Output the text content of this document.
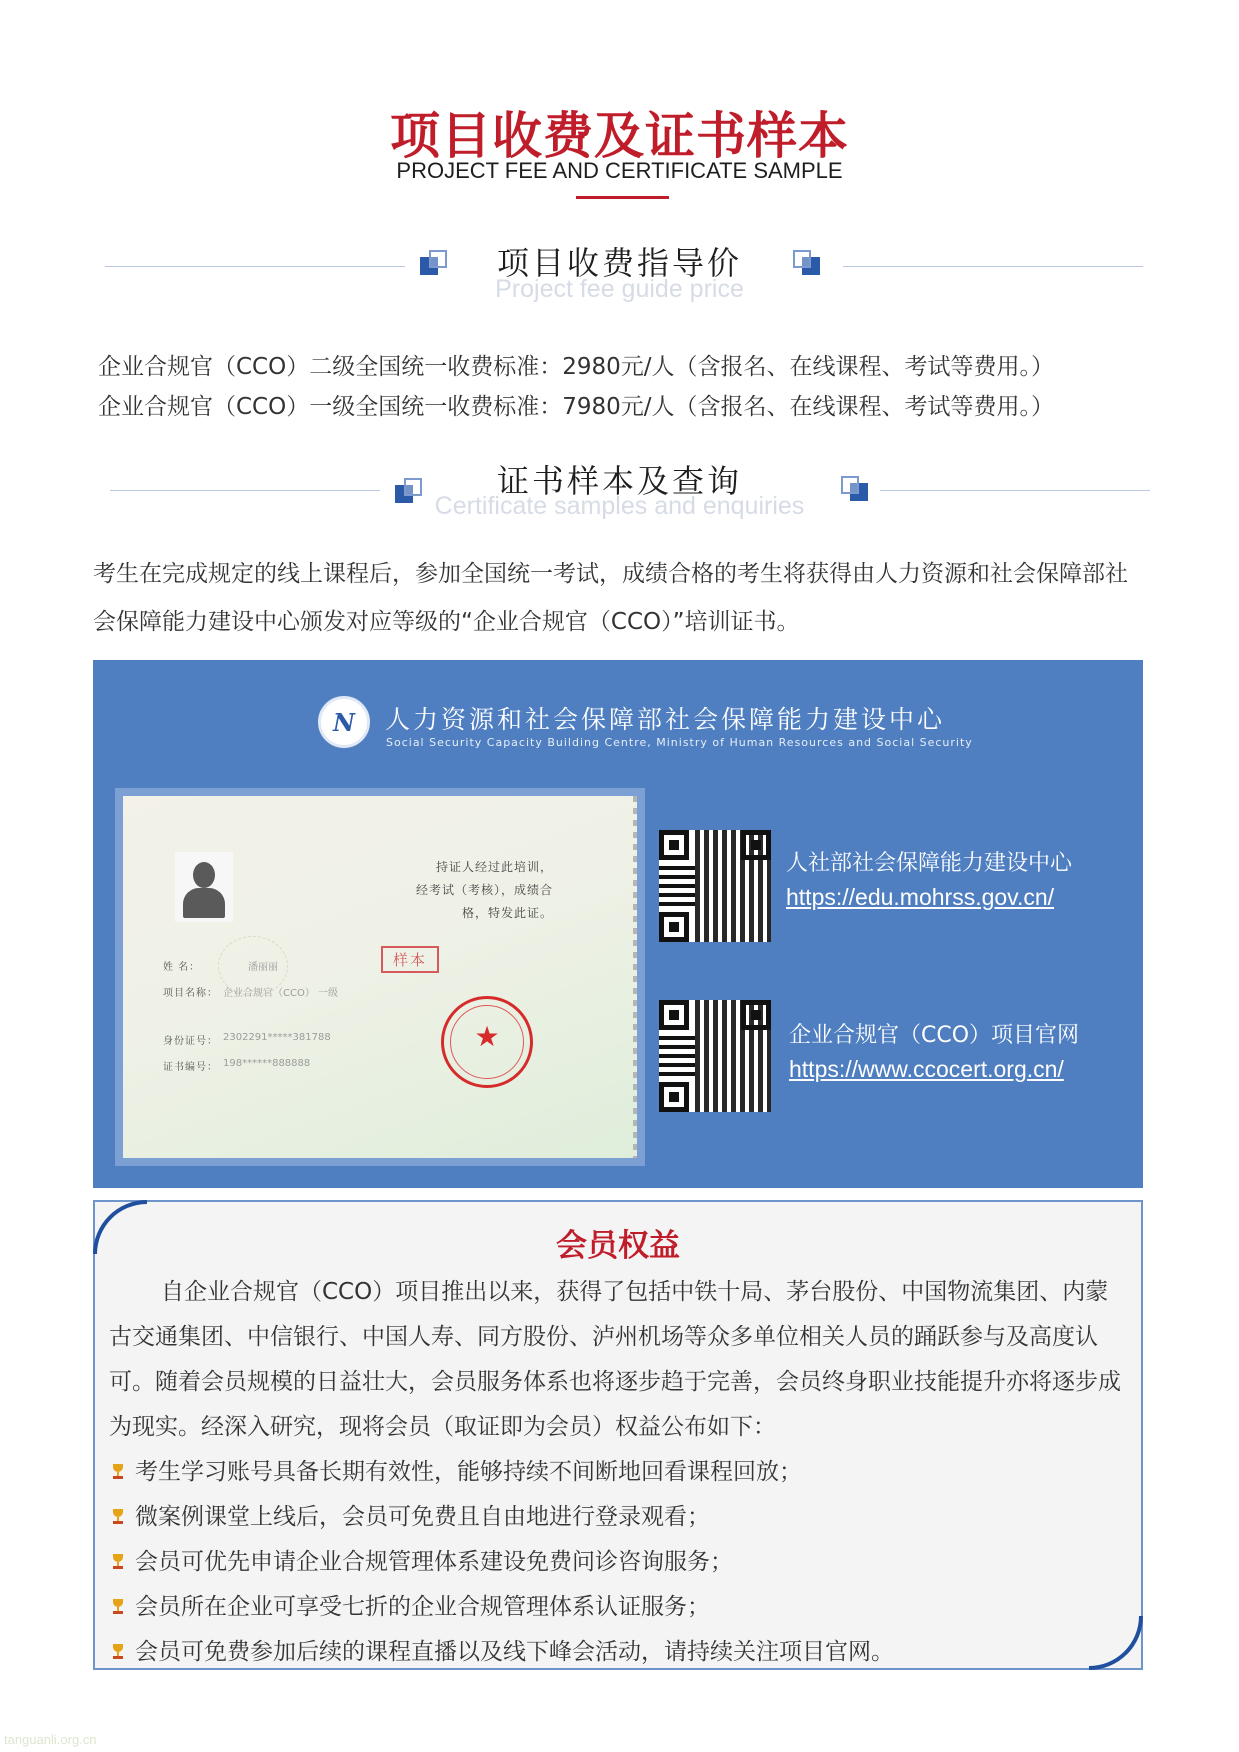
项目收费及证书样本
PROJECT FEE AND CERTIFICATE SAMPLE
项目收费指导价
Project fee guide price
企业合规官（CCO）二级全国统一收费标准：2980元/人（含报名、在线课程、考试等费用。）
企业合规官（CCO）一级全国统一收费标准：7980元/人（含报名、在线课程、考试等费用。）
证书样本及查询
Certificate samples and enquiries
考生在完成规定的线上课程后，参加全国统一考试，成绩合格的考生将获得由人力资源和社会保障部社会保障能力建设中心颁发对应等级的“企业合规官（CCO）”培训证书。
N	人力资源和社会保障部社会保障能力建设中心
Social Security Capacity Building Centre, Ministry of Human Resources and Social Security
持证人经过此培训，
经考试（考核），成绩合
格，特发此证。
样本
姓 名：	潘丽丽
项目名称： 企业合规官（CCO） 一级
身份证号： 2302291*****381788
证书编号： 198******888888
★
人社部社会保障能力建设中心
https://edu.mohrss.gov.cn/
企业合规官（CCO）项目官网
https://www.ccocert.org.cn/
会员权益
自企业合规官（CCO）项目推出以来，获得了包括中铁十局、茅台股份、中国物流集团、内蒙古交通集团、中信银行、中国人寿、同方股份、泸州机场等众多单位相关人员的踊跃参与及高度认可。随着会员规模的日益壮大，会员服务体系也将逐步趋于完善，会员终身职业技能提升亦将逐步成为现实。经深入研究，现将会员（取证即为会员）权益公布如下：
考生学习账号具备长期有效性，能够持续不间断地回看课程回放；
微案例课堂上线后，会员可免费且自由地进行登录观看；
会员可优先申请企业合规管理体系建设免费问诊咨询服务；
会员所在企业可享受七折的企业合规管理体系认证服务；
会员可免费参加后续的课程直播以及线下峰会活动，请持续关注项目官网。
tanguanli.org.cn
